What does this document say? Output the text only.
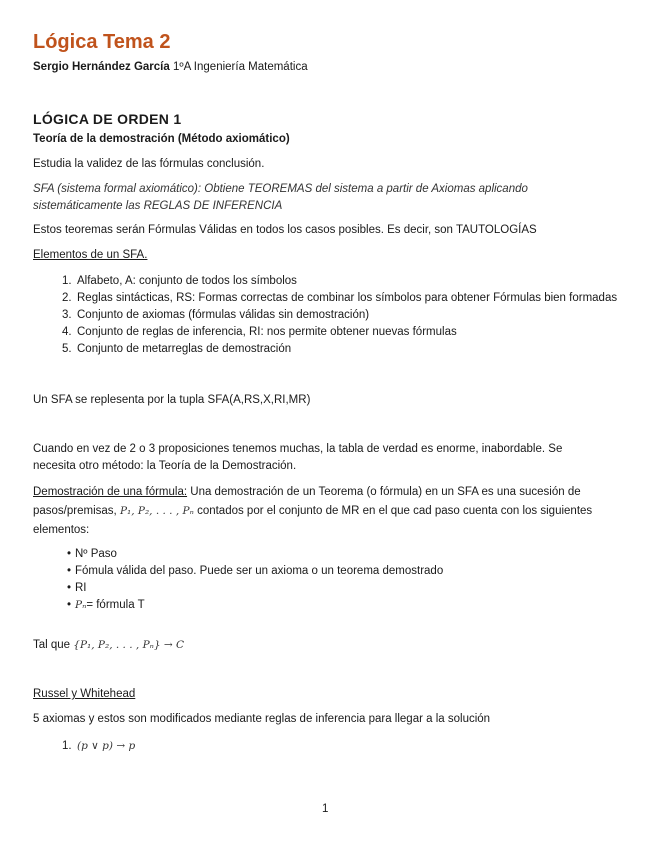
Lógica Tema 2
Sergio Hernández García 1ºA Ingeniería Matemática
LÓGICA DE ORDEN 1
Teoría de la demostración (Método axiomático)
Estudia la validez de las fórmulas conclusión.
SFA (sistema formal axiomático): Obtiene TEOREMAS del sistema a partir de Axiomas aplicando
sistemáticamente las REGLAS DE INFERENCIA
Estos teoremas serán Fórmulas Válidas en todos los casos posibles. Es decir, son TAUTOLOGÍAS
Elementos de un SFA.
1. Alfabeto, A: conjunto de todos los símbolos
2. Reglas sintácticas, RS: Formas correctas de combinar los símbolos para obtener Fórmulas bien formadas
3. Conjunto de axiomas (fórmulas válidas sin demostración)
4. Conjunto de reglas de inferencia, RI: nos permite obtener nuevas fórmulas
5. Conjunto de metarreglas de demostración
Un SFA se replesenta por la tupla SFA(A,RS,X,RI,MR)
Cuando en vez de 2 o 3 proposiciones tenemos muchas, la tabla de verdad es enorme, inabordable. Se
necesita otro método: la Teoría de la Demostración.
Demostración de una fórmula: Una demostración de un Teorema (o fórmula) en un SFA es una sucesión de
pasos/premisas, P₁, P₂, . . . , Pₙ contados por el conjunto de MR en el que cad paso cuenta con los siguientes
elementos:
• Nº Paso
• Fómula válida del paso. Puede ser un axioma o un teorema demostrado
• RI
• Pₙ= fórmula T
Tal que {P₁, P₂, . . . , Pₙ} → C
Russel y Whitehead
5 axiomas y estos son modificados mediante reglas de inferencia para llegar a la solución
1. (p ∨ p) → p
1
